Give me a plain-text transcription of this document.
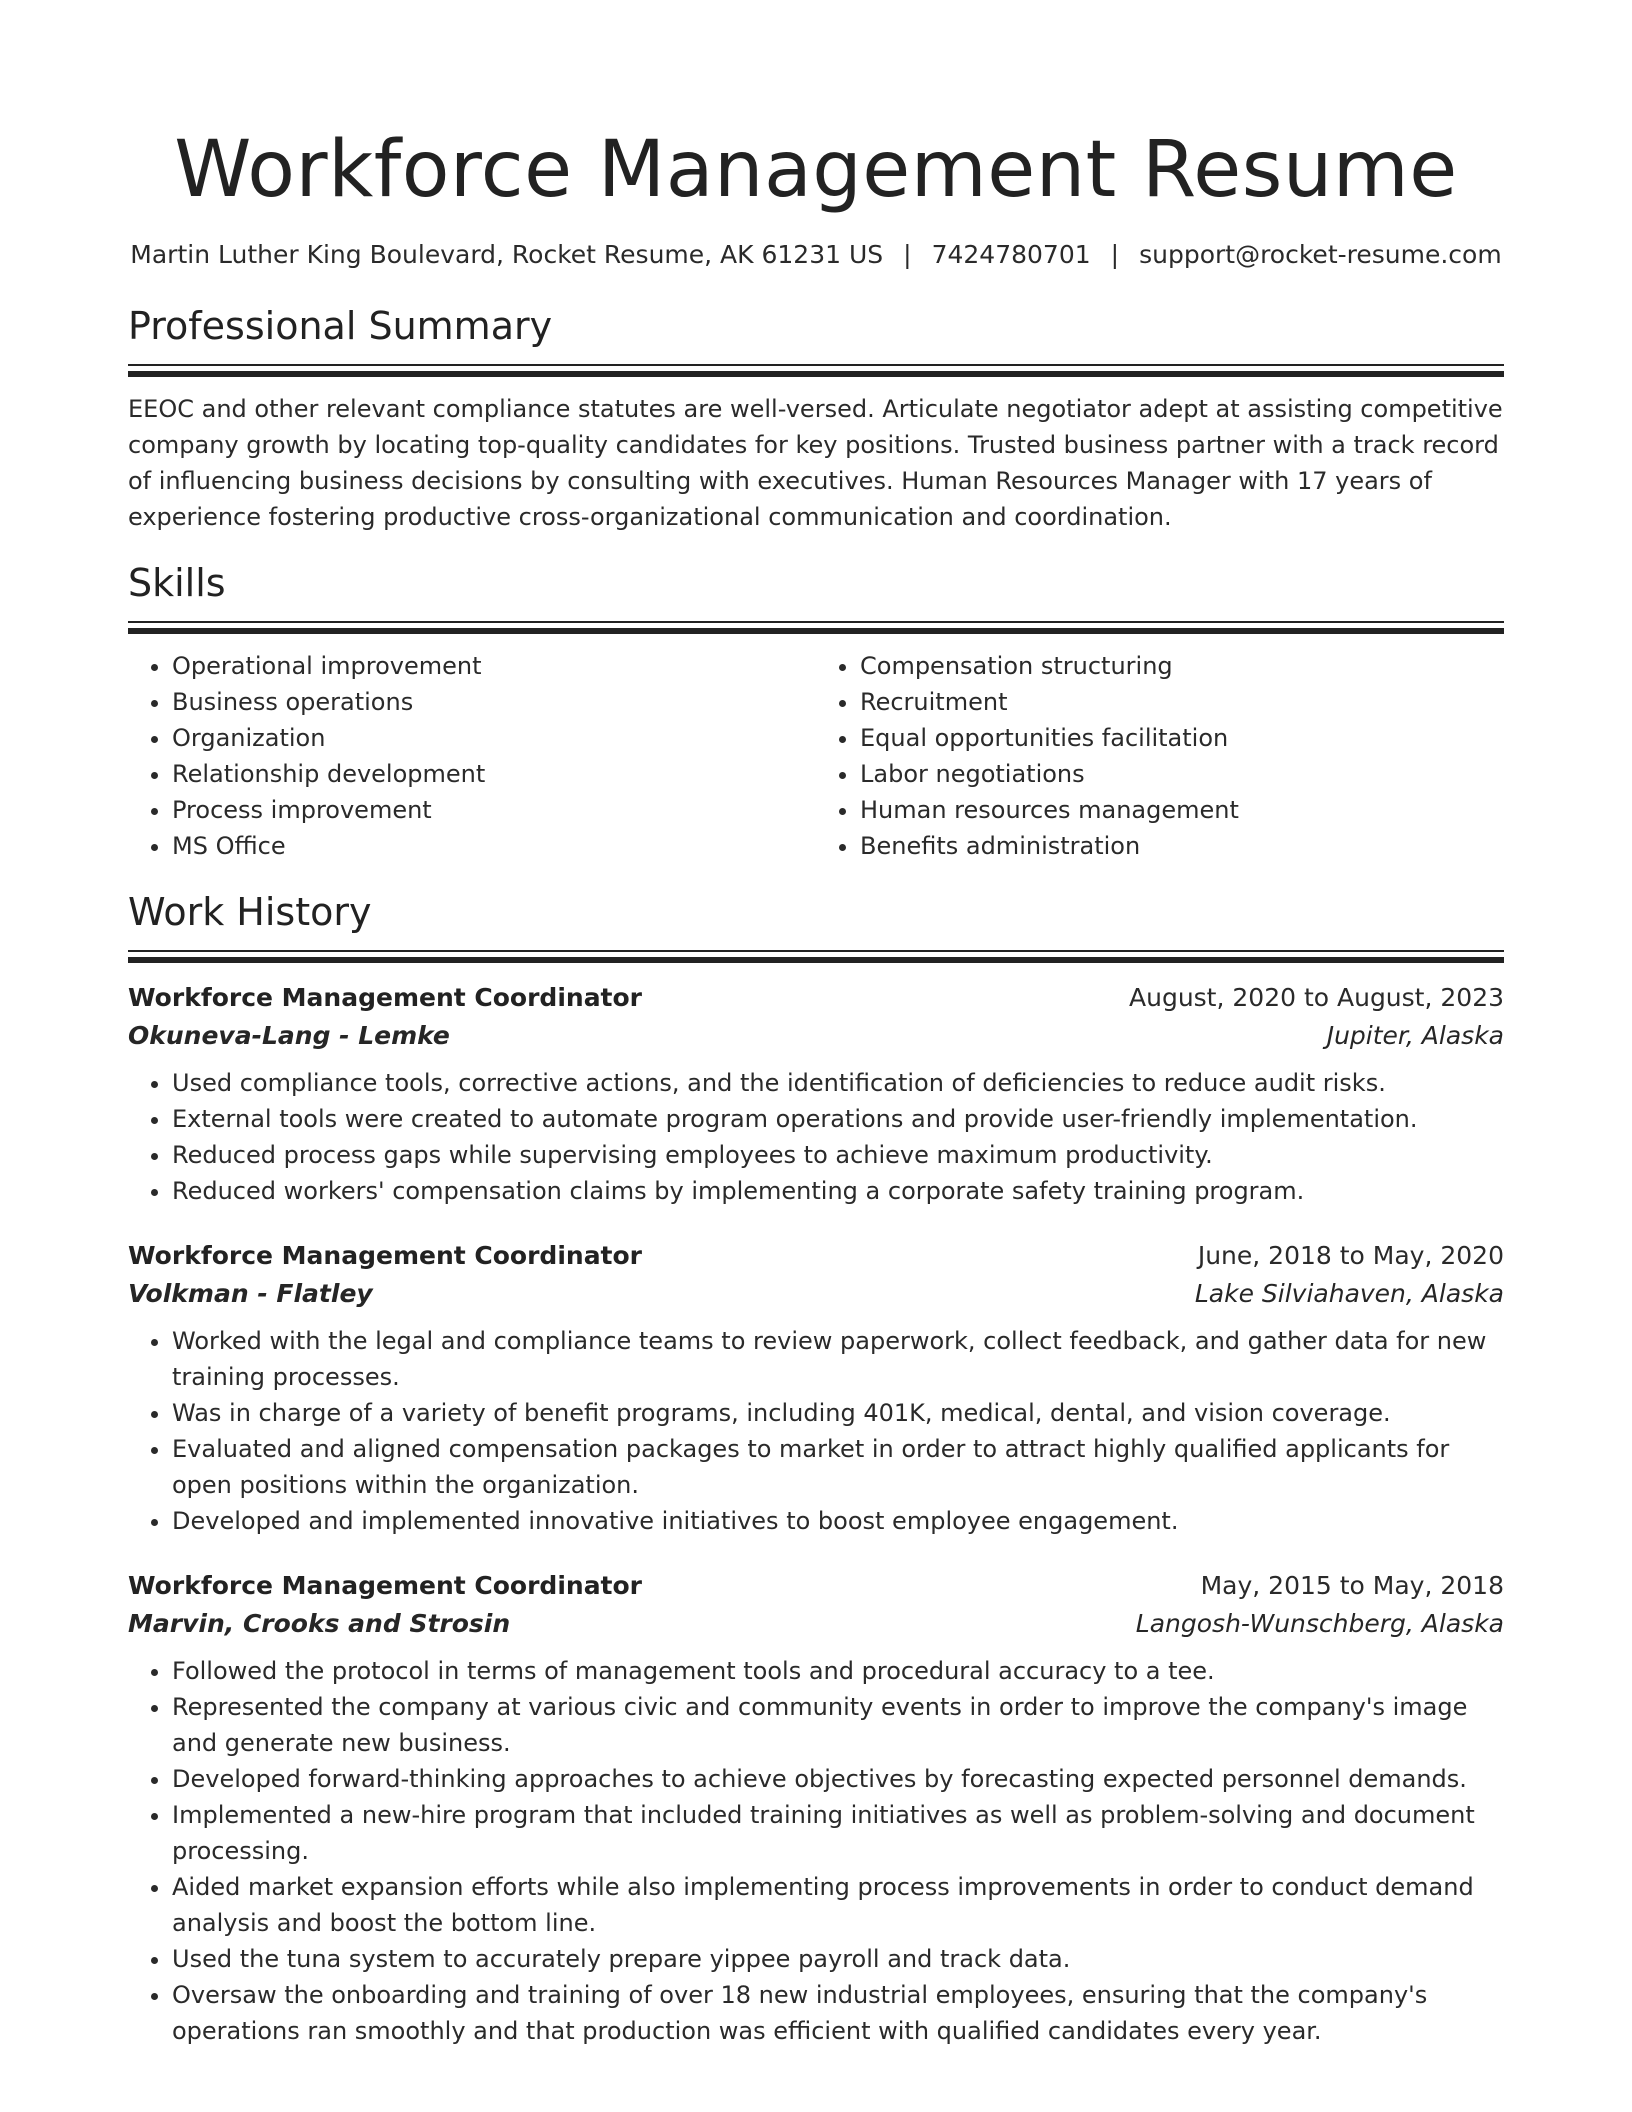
Workforce Management Resume
Martin Luther King Boulevard, Rocket Resume, AK 61231 US | 7424780701 | support@rocket-resume.com
Professional Summary

EEOC and other relevant compliance statutes are well-versed. Articulate negotiator adept at assisting competitive company growth by locating top-quality candidates for key positions. Trusted business partner with a track record of influencing business decisions by consulting with executives. Human Resources Manager with 17 years of experience fostering productive cross-organizational communication and coordination.

Skills
• Operational improvement
• Business operations
• Organization
• Relationship development
• Process improvement
• MS Office
• Compensation structuring
• Recruitment
• Equal opportunities facilitation
• Labor negotiations
• Human resources management
• Benefits administration
Work History
Workforce Management Coordinator	August, 2020 to August, 2023
Okuneva-Lang - Lemke	Jupiter, Alaska
• Used compliance tools, corrective actions, and the identification of deficiencies to reduce audit risks.
• External tools were created to automate program operations and provide user-friendly implementation.
• Reduced process gaps while supervising employees to achieve maximum productivity.
• Reduced workers' compensation claims by implementing a corporate safety training program.
Workforce Management Coordinator	June, 2018 to May, 2020
Volkman - Flatley	Lake Silviahaven, Alaska
• Worked with the legal and compliance teams to review paperwork, collect feedback, and gather data for new training processes.
• Was in charge of a variety of benefit programs, including 401K, medical, dental, and vision coverage.
• Evaluated and aligned compensation packages to market in order to attract highly qualified applicants for open positions within the organization.
• Developed and implemented innovative initiatives to boost employee engagement.
Workforce Management Coordinator	May, 2015 to May, 2018
Marvin, Crooks and Strosin	Langosh-Wunschberg, Alaska
• Followed the protocol in terms of management tools and procedural accuracy to a tee.
• Represented the company at various civic and community events in order to improve the company's image and generate new business.
• Developed forward-thinking approaches to achieve objectives by forecasting expected personnel demands.
• Implemented a new-hire program that included training initiatives as well as problem-solving and document processing.
• Aided market expansion efforts while also implementing process improvements in order to conduct demand analysis and boost the bottom line.
• Used the tuna system to accurately prepare yippee payroll and track data.
• Oversaw the onboarding and training of over 18 new industrial employees, ensuring that the company's operations ran smoothly and that production was efficient with qualified candidates every year.
